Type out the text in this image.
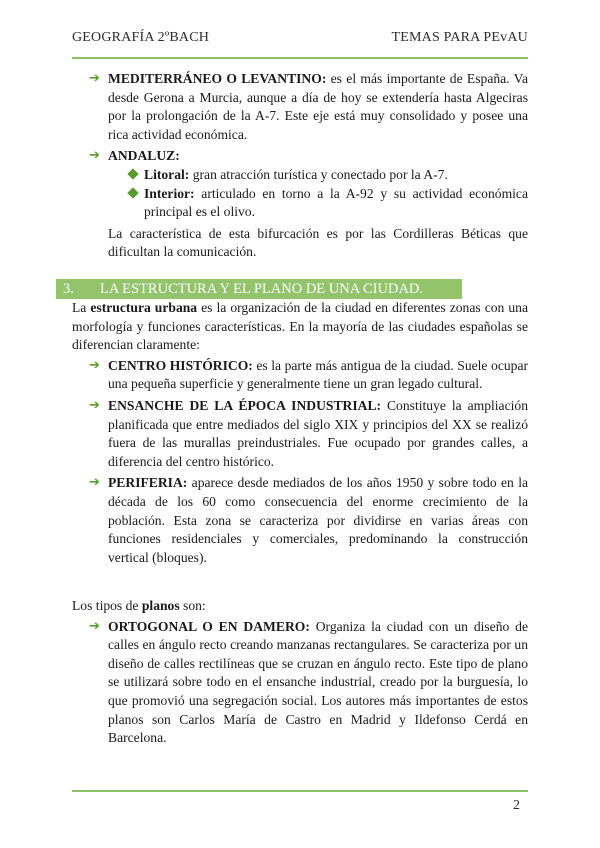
GEOGRAFÍA 2ºBACH	TEMAS PARA PEvAU
➔ MEDITERRÁNEO O LEVANTINO: es el más importante de España. Va desde Gerona a Murcia, aunque a día de hoy se extendería hasta Algeciras por la prolongación de la A-7. Este eje está muy consolidado y posee una rica actividad económica.
➔ ANDALUZ:
Litoral: gran atracción turística y conectado por la A-7.
Interior: articulado en torno a la A-92 y su actividad económica principal es el olivo.

La característica de esta bifurcación es por las Cordilleras Béticas que dificultan la comunicación.

3. LA ESTRUCTURA Y EL PLANO DE UNA CIUDAD.

La estructura urbana es la organización de la ciudad en diferentes zonas con una morfología y funciones características. En la mayoría de las ciudades españolas se diferencian claramente:

➔ CENTRO HISTÓRICO: es la parte más antigua de la ciudad. Suele ocupar una pequeña superficie y generalmente tiene un gran legado cultural.
➔ ENSANCHE DE LA ÉPOCA INDUSTRIAL: Constituye la ampliación planificada que entre mediados del siglo XIX y principios del XX se realizó fuera de las murallas preindustriales. Fue ocupado por grandes calles, a diferencia del centro histórico.
➔ PERIFERIA: aparece desde mediados de los años 1950 y sobre todo en la década de los 60 como consecuencia del enorme crecimiento de la población. Esta zona se caracteriza por dividirse en varias áreas con funciones residenciales y comerciales, predominando la construcción vertical (bloques).

Los tipos de planos son:

➔ ORTOGONAL O EN DAMERO: Organiza la ciudad con un diseño de calles en ángulo recto creando manzanas rectangulares. Se caracteriza por un diseño de calles rectilíneas que se cruzan en ángulo recto. Este tipo de plano se utilizará sobre todo en el ensanche industrial, creado por la burguesía, lo que promovió una segregación social. Los autores más importantes de estos planos son Carlos María de Castro en Madrid y Ildefonso Cerdá en Barcelona.
2
